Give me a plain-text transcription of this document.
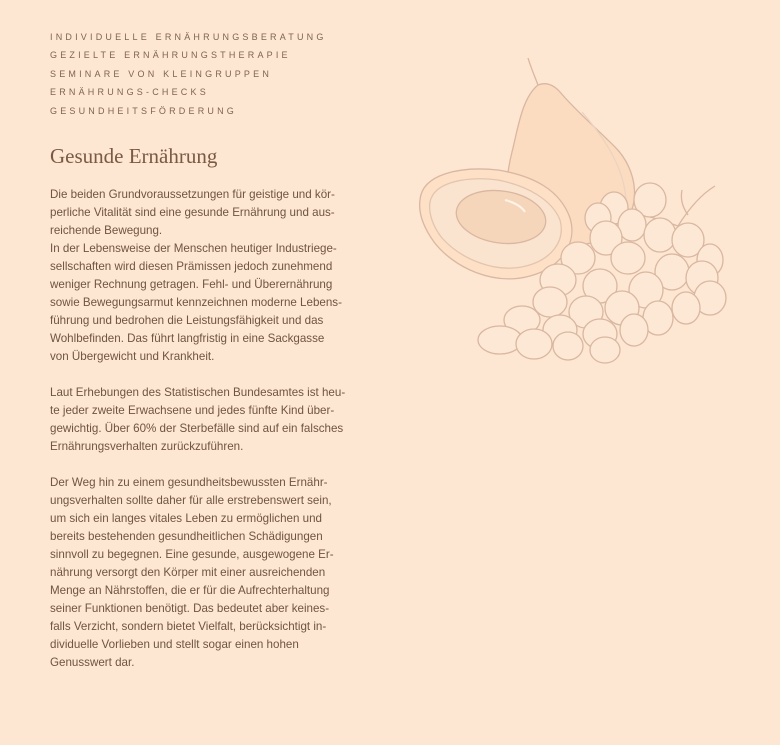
INDIVIDUELLE ERNÄHRUNGSBERATUNG
GEZIELTE ERNÄHRUNGSTHERAPIE
SEMINARE VON KLEINGRUPPEN
ERNÄHRUNGS-CHECKS
GESUNDHEITSFÖRDERUNG
Gesunde Ernährung

Die beiden Grundvoraussetzungen für geistige und kör-
perliche Vitalität sind eine gesunde Ernährung und aus-
reichende Bewegung.
In der Lebensweise der Menschen heutiger Industriege-
sellschaften wird diesen Prämissen jedoch zunehmend
weniger Rechnung getragen. Fehl- und Überernährung
sowie Bewegungsarmut kennzeichnen moderne Lebens-
führung und bedrohen die Leistungsfähigkeit und das
Wohlbefinden. Das führt langfristig in eine Sackgasse
von Übergewicht und Krankheit.

Laut Erhebungen des Statistischen Bundesamtes ist heu-
te jeder zweite Erwachsene und jedes fünfte Kind über-
gewichtig. Über 60% der Sterbefälle sind auf ein falsches
Ernährungsverhalten zurückzuführen.

Der Weg hin zu einem gesundheitsbewussten Ernähr-
ungsverhalten sollte daher für alle erstrebenswert sein,
um sich ein langes vitales Leben zu ermöglichen und
bereits bestehenden gesundheitlichen Schädigungen
sinnvoll zu begegnen. Eine gesunde, ausgewogene Er-
nährung versorgt den Körper mit einer ausreichenden
Menge an Nährstoffen, die er für die Aufrechterhaltung
seiner Funktionen benötigt. Das bedeutet aber keines-
falls Verzicht, sondern bietet Vielfalt, berücksichtigt in-
dividuelle Vorlieben und stellt sogar einen hohen
Genusswert dar.
